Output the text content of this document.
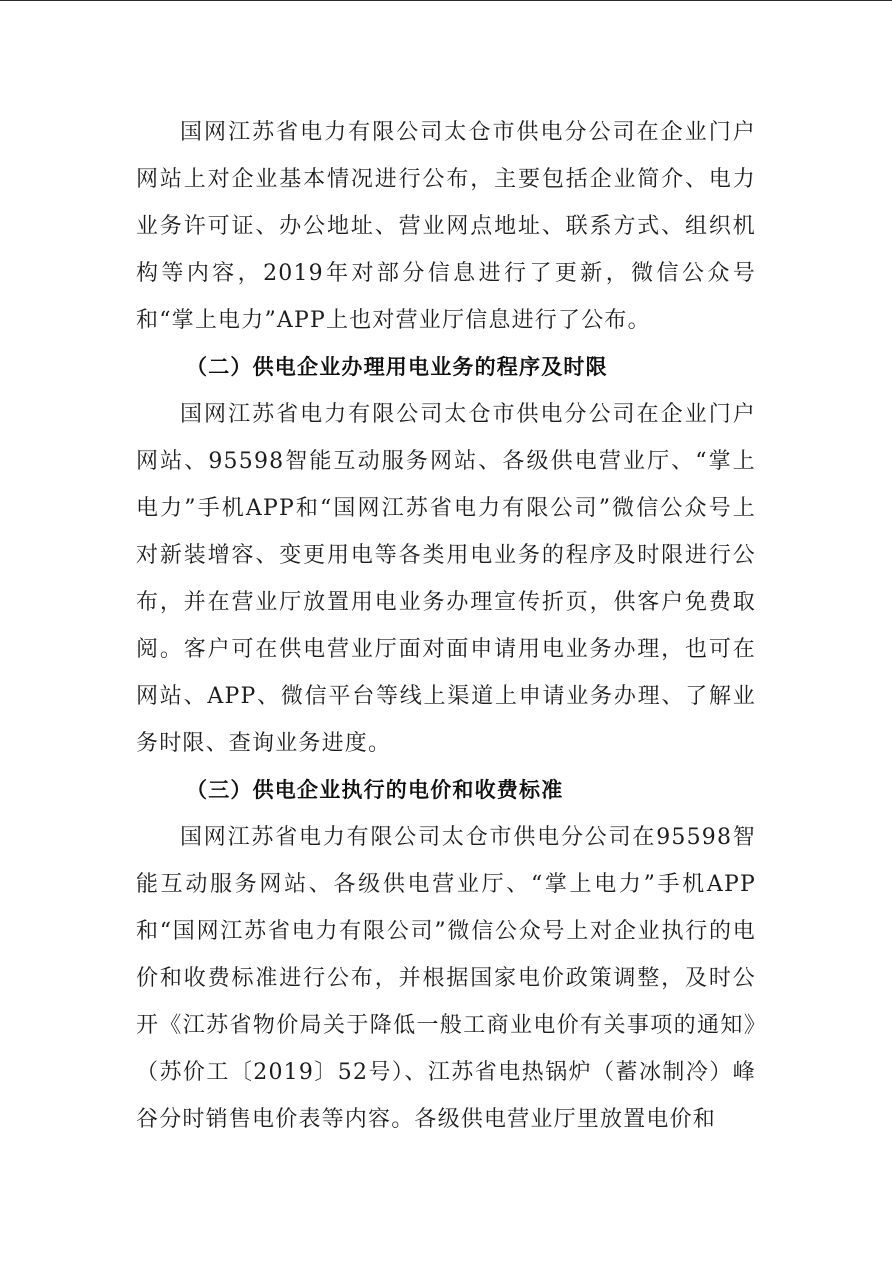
国网江苏省电力有限公司太仓市供电分公司在企业门户网站上对企业基本情况进行公布，主要包括企业简介、电力业务许可证、办公地址、营业网点地址、联系方式、组织机构等内容，2019年对部分信息进行了更新，微信公众号和“掌上电力”APP上也对营业厅信息进行了公布。

（二）供电企业办理用电业务的程序及时限

国网江苏省电力有限公司太仓市供电分公司在企业门户网站、95598智能互动服务网站、各级供电营业厅、“掌上电力”手机APP和“国网江苏省电力有限公司”微信公众号上对新装增容、变更用电等各类用电业务的程序及时限进行公布，并在营业厅放置用电业务办理宣传折页，供客户免费取阅。客户可在供电营业厅面对面申请用电业务办理，也可在网站、APP、微信平台等线上渠道上申请业务办理、了解业务时限、查询业务进度。

（三）供电企业执行的电价和收费标准

国网江苏省电力有限公司太仓市供电分公司在95598智能互动服务网站、各级供电营业厅、“掌上电力”手机APP和“国网江苏省电力有限公司”微信公众号上对企业执行的电价和收费标准进行公布，并根据国家电价政策调整，及时公开《江苏省物价局关于降低一般工商业电价有关事项的通知》（苏价工〔2019〕52号）、江苏省电热锅炉（蓄冰制冷）峰谷分时销售电价表等内容。各级供电营业厅里放置电价和
